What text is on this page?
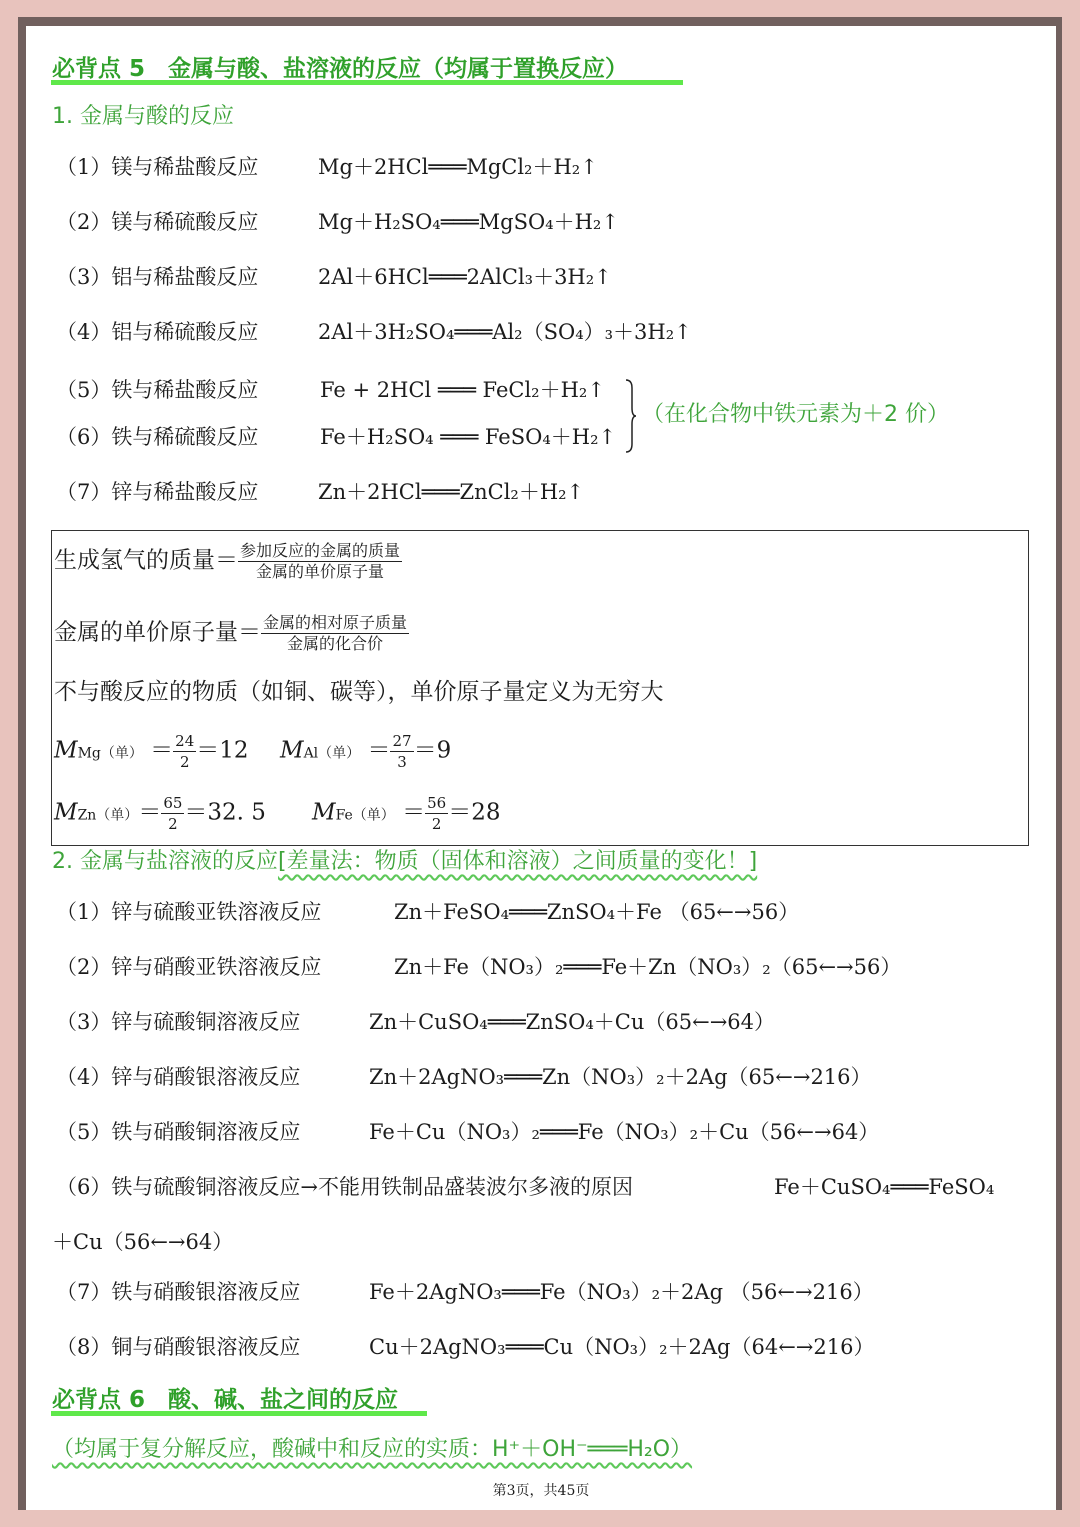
必背点 5　金属与酸、盐溶液的反应（均属于置换反应）
1. 金属与酸的反应
（1）镁与稀盐酸反应	Mg＋2HCl═══MgCl₂＋H₂↑
（2）镁与稀硫酸反应	Mg＋H₂SO₄═══MgSO₄＋H₂↑
（3）铝与稀盐酸反应	2Al＋6HCl═══2AlCl₃＋3H₂↑
（4）铝与稀硫酸反应	2Al＋3H₂SO₄═══Al₂（SO₄）₃＋3H₂↑
（5）铁与稀盐酸反应	Fe + 2HCl ═══ FeCl₂＋H₂↑
（6）铁与稀硫酸反应	Fe＋H₂SO₄ ═══ FeSO₄＋H₂↑
（在化合物中铁元素为＋2 价）
（7）锌与稀盐酸反应	Zn＋2HCl═══ZnCl₂＋H₂↑
生成氢气的质量＝ $\frac{\text{参加反应的金属的质量}}{\text{金属的单价原子量}}$
金属的单价原子量＝ $\frac{\text{金属的相对原子质量}}{\text{金属的化合价}}$
不与酸反应的物质（如铜、碳等），单价原子量定义为无穷大
MMg（单） ＝ $\frac{24}{2} =12$ MAl（单） ＝ $\frac{27}{3} =9$
MZn（单）＝ $\frac{65}{2} =32$. 5 MFe（单） ＝ $\frac{56}{2} =28$
2. 金属与盐溶液的反应[差量法：物质（固体和溶液）之间质量的变化！]
（1）锌与硫酸亚铁溶液反应	Zn＋FeSO₄═══ZnSO₄＋Fe （65←→56）
（2）锌与硝酸亚铁溶液反应	Zn＋Fe（NO₃）₂═══Fe＋Zn（NO₃）₂（65←→56）
（3）锌与硫酸铜溶液反应	Zn＋CuSO₄═══ZnSO₄＋Cu（65←→64）
（4）锌与硝酸银溶液反应	Zn＋2AgNO₃═══Zn（NO₃）₂＋2Ag（65←→216）
（5）铁与硝酸铜溶液反应	Fe＋Cu（NO₃）₂═══Fe（NO₃）₂＋Cu（56←→64）
（6）铁与硫酸铜溶液反应→不能用铁制品盛装波尔多液的原因	Fe＋CuSO₄═══FeSO₄
＋Cu（56←→64）
（7）铁与硝酸银溶液反应	Fe＋2AgNO₃═══Fe（NO₃）₂＋2Ag （56←→216）
（8）铜与硝酸银溶液反应	Cu＋2AgNO₃═══Cu（NO₃）₂＋2Ag（64←→216）
必背点 6　酸、碱、盐之间的反应
（均属于复分解反应，酸碱中和反应的实质：H⁺＋OH⁻═══H₂O）
第3页，共45页
